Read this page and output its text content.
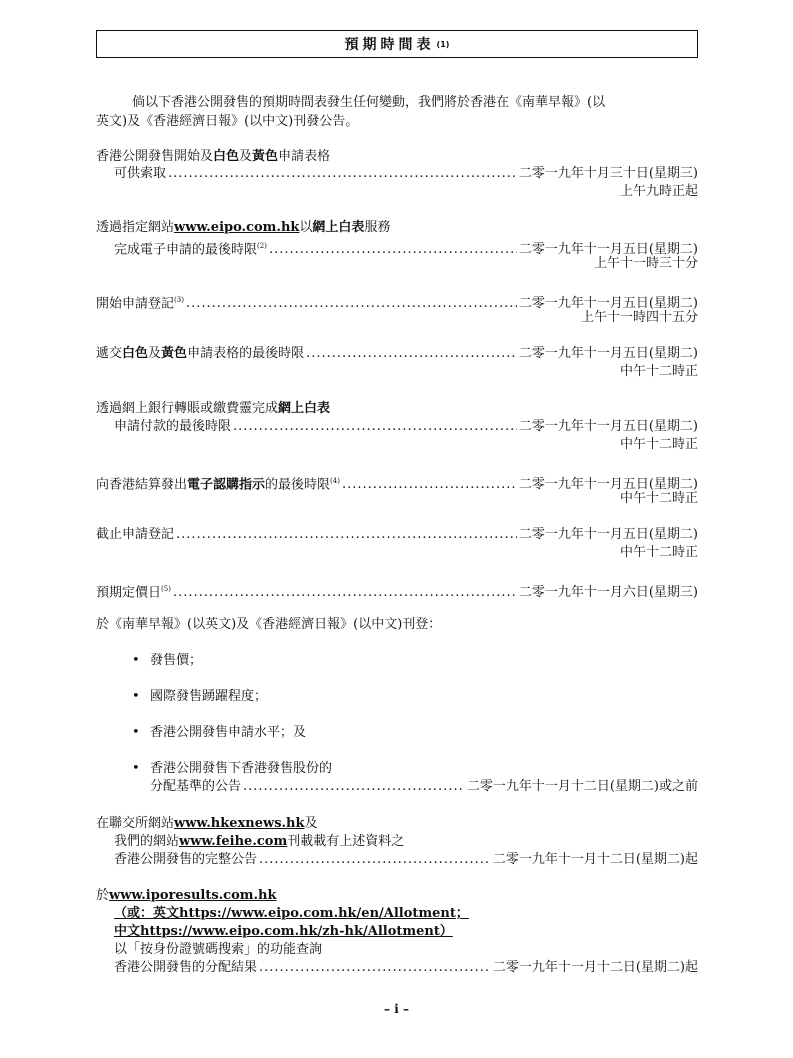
預期時間表 (1)
倘以下香港公開發售的預期時間表發生任何變動，我們將於香港在《南華早報》(以
英文)及《香港經濟日報》(以中文)刊發公告。
香港公開發售開始及白色及黃色申請表格
可供索取 .....	二零一九年十月三十日(星期三)
上午九時正起
透過指定網站www.eipo.com.hk以網上白表服務
完成電子申請的最後時限$^{(2)}$ .....	二零一九年十一月五日(星期二)
上午十一時三十分
開始申請登記$^{(3)}$ .....	二零一九年十一月五日(星期二)
上午十一時四十五分
遞交白色及黃色申請表格的最後時限 .....	二零一九年十一月五日(星期二)
中午十二時正
透過網上銀行轉賬或繳費靈完成網上白表
申請付款的最後時限 .....	二零一九年十一月五日(星期二)
中午十二時正
向香港結算發出電子認購指示的最後時限$^{(4)}$ .....	二零一九年十一月五日(星期二)
中午十二時正
截止申請登記 .....	二零一九年十一月五日(星期二)
中午十二時正
預期定價日$^{(5)}$ .....	二零一九年十一月六日(星期三)
於《南華早報》(以英文)及《香港經濟日報》(以中文)刊登：
• 發售價；
• 國際發售踴躍程度；
• 香港公開發售申請水平；及
• 香港公開發售下香港發售股份的
分配基準的公告 .....	二零一九年十一月十二日(星期二)或之前
在聯交所網站www.hkexnews.hk及
我們的網站www.feihe.com刊載載有上述資料之
香港公開發售的完整公告 .....	二零一九年十一月十二日(星期二)起
於www.iporesults.com.hk
（或：英文https://www.eipo.com.hk/en/Allotment；
中文https://www.eipo.com.hk/zh-hk/Allotment）
以「按身份證號碼搜索」的功能查詢
香港公開發售的分配結果 .....	二零一九年十一月十二日(星期二)起
– i –
